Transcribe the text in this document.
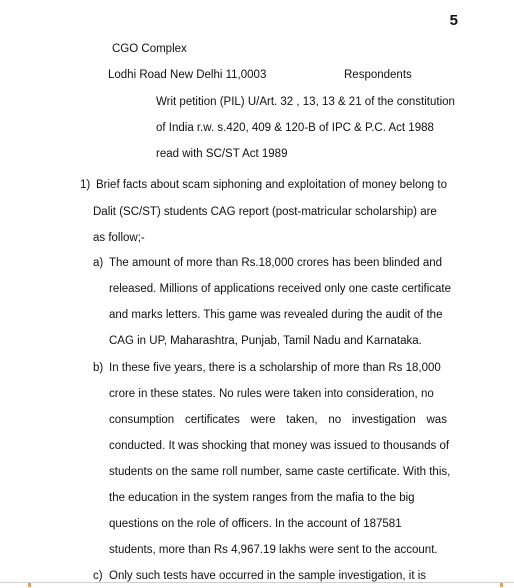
5
CGO Complex
Lodhi Road New Delhi 11,0003	Respondents
Writ petition (PIL) U/Art. 32 , 13, 13 & 21 of the constitution
of India r.w. s.420, 409 & 120-B of IPC & P.C. Act 1988
read with SC/ST Act 1989
1) Brief facts about scam siphoning and exploitation of money belong to
Dalit (SC/ST) students CAG report (post-matricular scholarship) are
as follow;-
a) The amount of more than Rs.18,000 crores has been blinded and
released. Millions of applications received only one caste certificate
and marks letters. This game was revealed during the audit of the
CAG in UP, Maharashtra, Punjab, Tamil Nadu and Karnataka.
b) In these five years, there is a scholarship of more than Rs 18,000
crore in these states. No rules were taken into consideration, no
consumption certificates were taken, no investigation was
conducted. It was shocking that money was issued to thousands of
students on the same roll number, same caste certificate. With this,
the education in the system ranges from the mafia to the big
questions on the role of officers. In the account of 187581
students, more than Rs 4,967.19 lakhs were sent to the account.
c) Only such tests have occurred in the sample investigation, it is
